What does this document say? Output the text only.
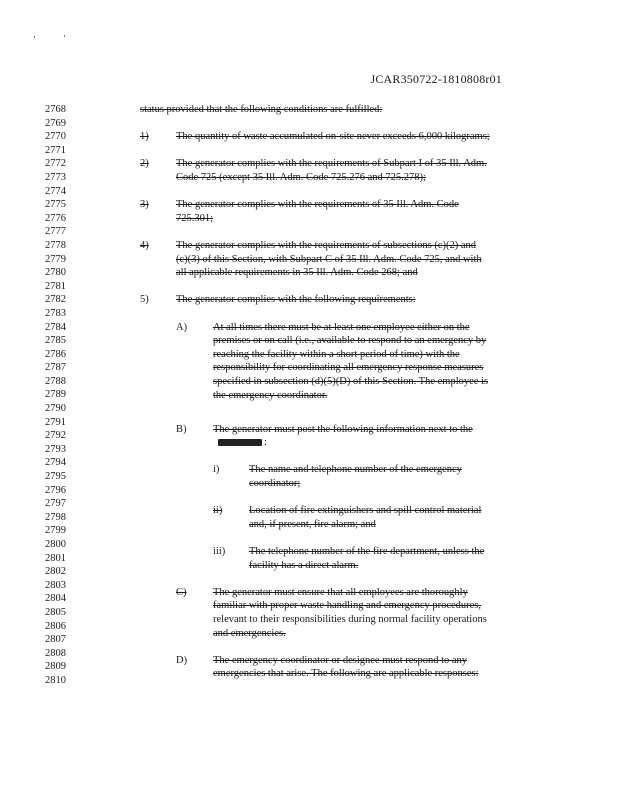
JCAR350722-1810808r01
2768
2769
2770
2771
2772
2773
2774
2775
2776
2777
2778
2779
2780
2781
2782
2783
2784
2785
2786
2787
2788
2789
2790
2791
2792
2793
2794
2795
2796
2797
2798
2799
2800
2801
2802
2803
2804
2805
2806
2807
2808
2809
2810
status provided that the following conditions are fulfilled:
1)	The quantity of waste accumulated on-site never exceeds 6,000 kilograms;
2)	The generator complies with the requirements of Subpart I of 35 Ill. Adm.
Code 725 (except 35 Ill. Adm. Code 725.276 and 725.278);
3)	The generator complies with the requirements of 35 Ill. Adm. Code
725.301;
4)	The generator complies with the requirements of subsections (c)(2) and
(c)(3) of this Section, with Subpart C of 35 Ill. Adm. Code 725, and with
all applicable requirements in 35 Ill. Adm. Code 268; and
5)	The generator complies with the following requirements:
A) At all times there must be at least one employee either on the
premises or on call (i.e., available to respond to an emergency by
reaching the facility within a short period of time) with the
responsibility for coordinating all emergency response measures
specified in subsection (d)(5)(D) of this Section. The employee is
the emergency coordinator.
B)	The generator must post the following information next to the
:
i)	The name and telephone number of the emergency
coordinator;
ii)	Location of fire extinguishers and spill control material
and, if present, fire alarm; and
iii) The telephone number of the fire department, unless the
facility has a direct alarm.
C)	The generator must ensure that all employees are thoroughly
familiar with proper waste handling and emergency procedures,
relevant to their responsibilities during normal facility operations
and emergencies.
D) The emergency coordinator or designee must respond to any
emergencies that arise. The following are applicable responses:
